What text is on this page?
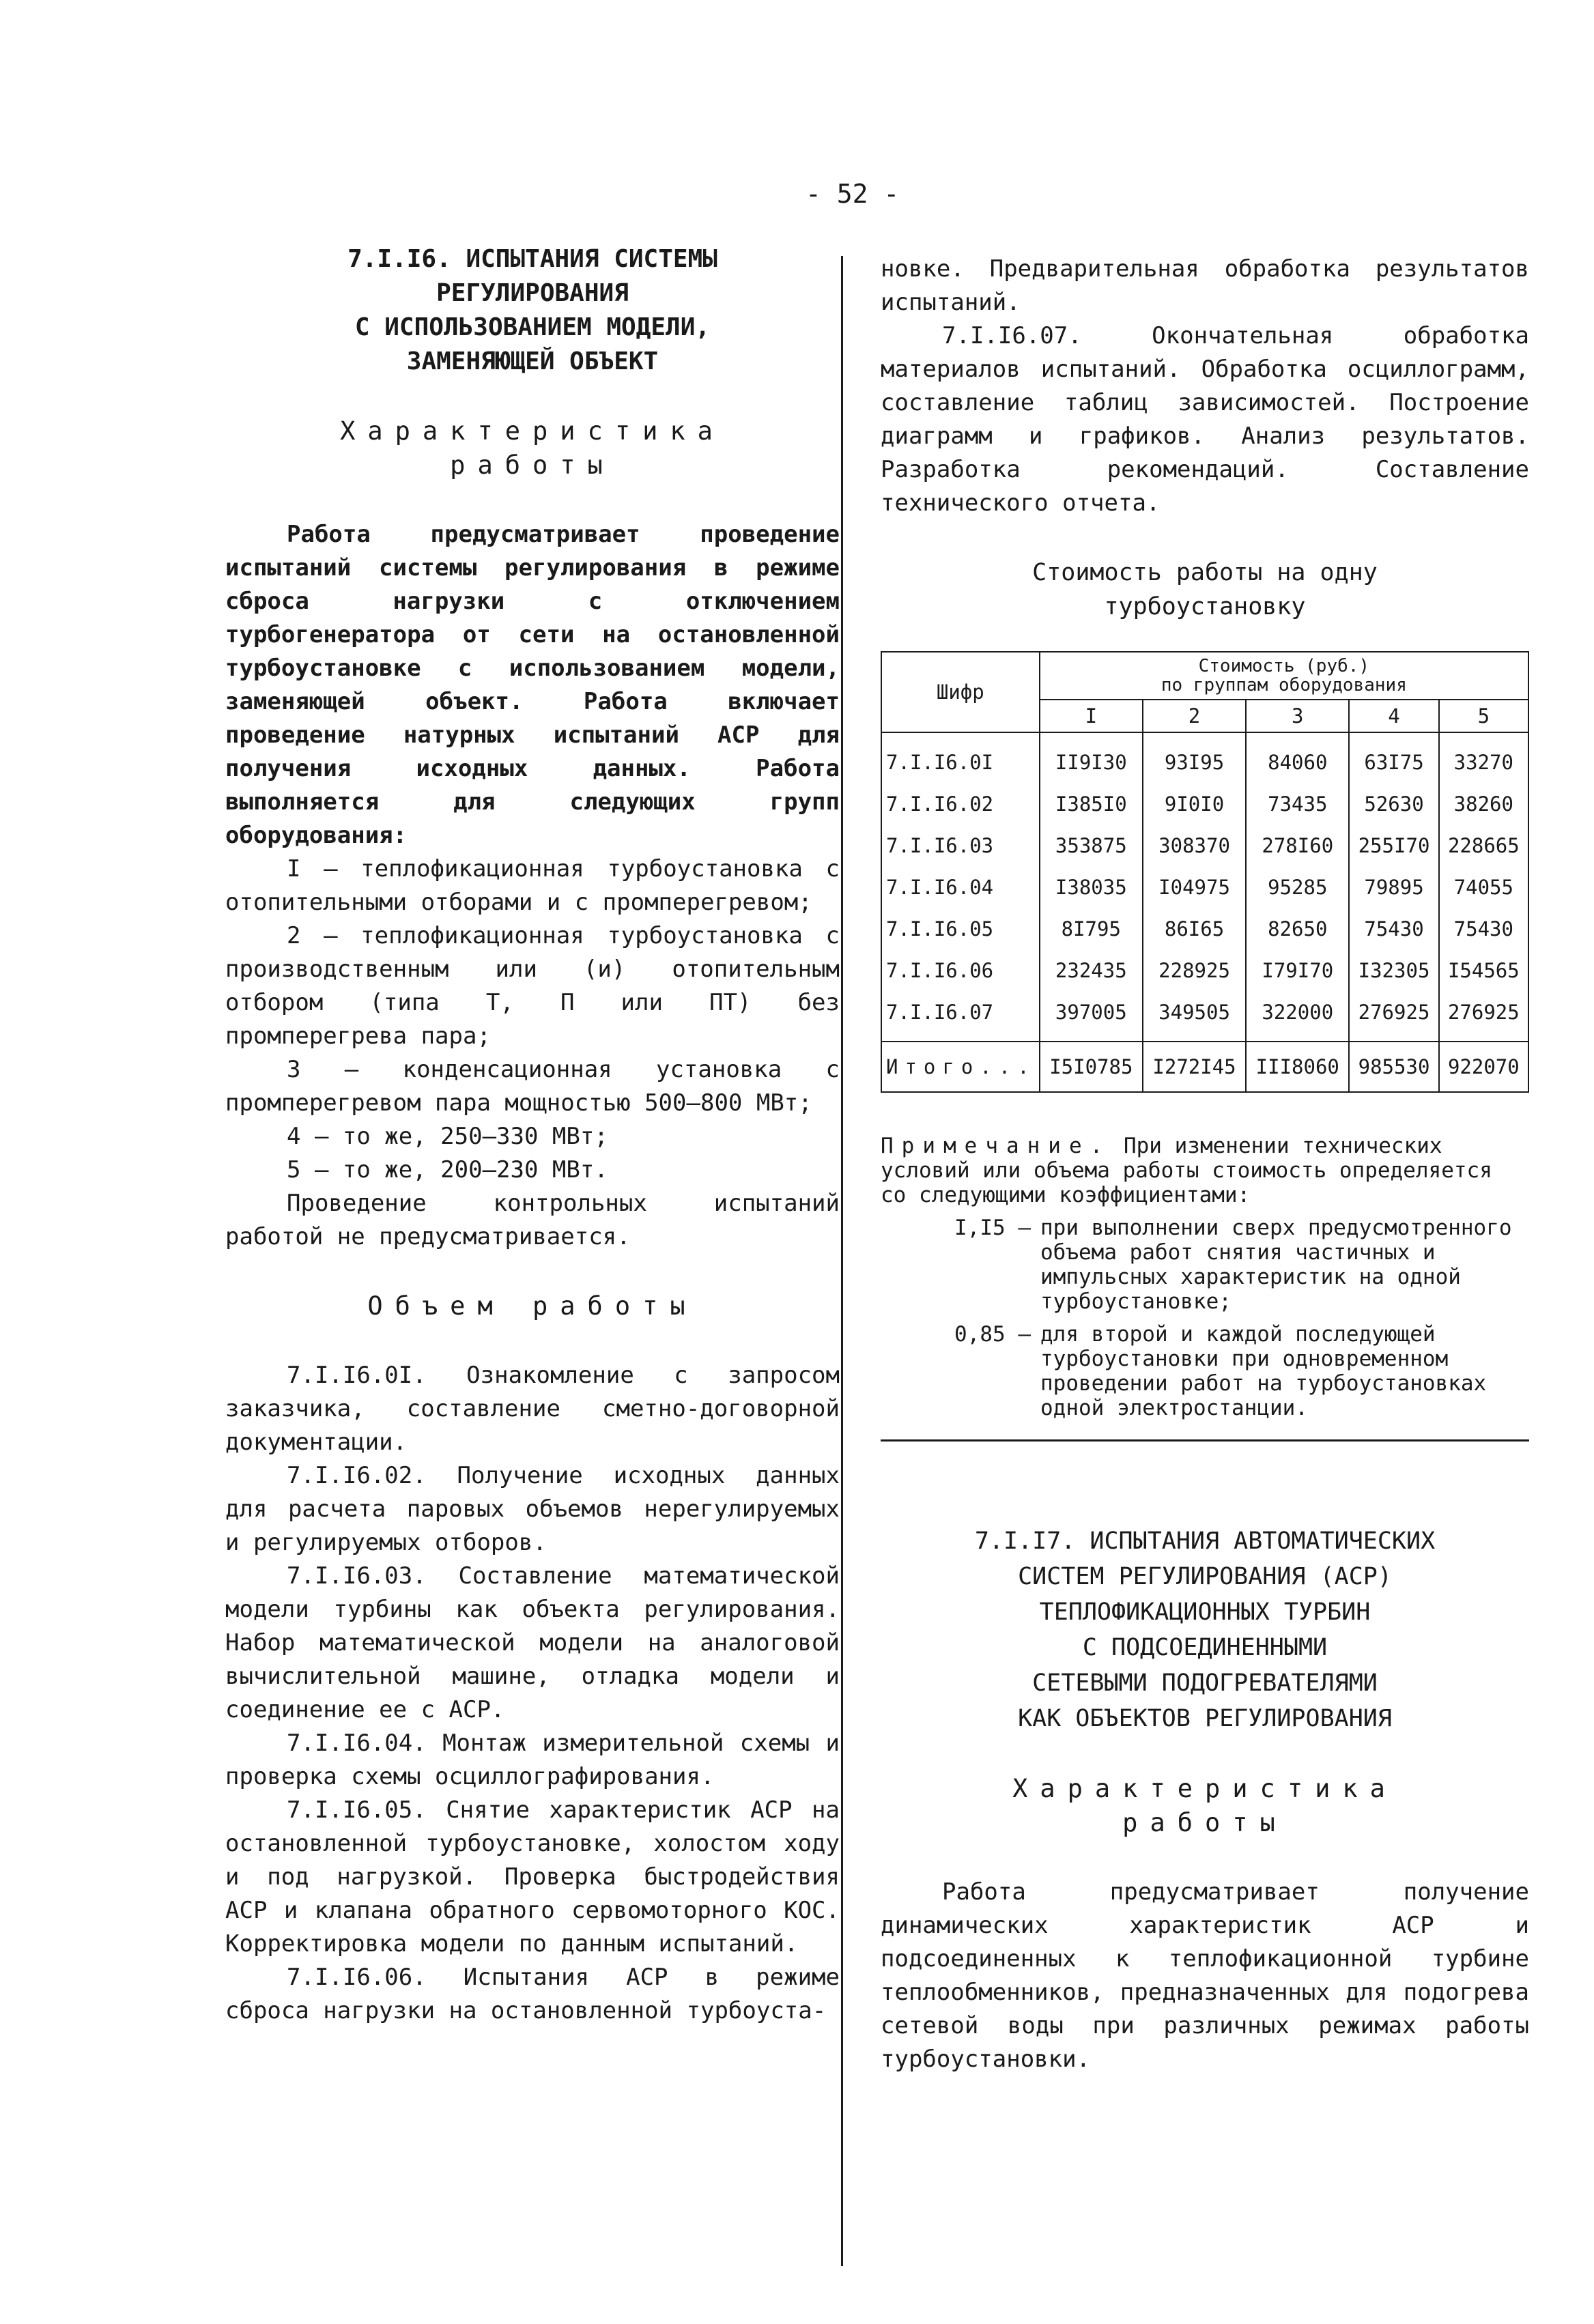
- 52 -
7.I.I6. ИСПЫТАНИЯ СИСТЕМЫ
РЕГУЛИРОВАНИЯ
С ИСПОЛЬЗОВАНИЕМ МОДЕЛИ,
ЗАМЕНЯЮЩЕЙ ОБЪЕКТ
Характеристика
работы

Работа предусматривает проведение испытаний системы регулирования в режиме сброса нагрузки с отключением турбогенератора от сети на остановленной турбоустановке с использованием модели, заменяющей объект. Работа включает проведение натурных испытаний АСР для получения исходных данных. Работа выполняется для следующих групп оборудования:

I – теплофикационная турбоустановка с отопительными отборами и с промперегревом;

2 – теплофикационная турбоустановка с производственным или (и) отопительным отбором (типа Т, П или ПТ) без промперегрева пара;

3 – конденсационная установка с промперегревом пара мощностью 500–800 МВт;

4 – то же, 250–330 МВт;

5 – то же, 200–230 МВт.

Проведение контрольных испытаний работой не предусматривается.

Объем работы

7.I.I6.0I. Ознакомление с запросом заказчика, составление сметно-договорной документации.

7.I.I6.02. Получение исходных данных для расчета паровых объемов нерегулируемых и регулируемых отборов.

7.I.I6.03. Составление математической модели турбины как объекта регулирования. Набор математической модели на аналоговой вычислительной машине, отладка модели и соединение ее с АСР.

7.I.I6.04. Монтаж измерительной схемы и проверка схемы осциллографирования.

7.I.I6.05. Снятие характеристик АСР на остановленной турбоустановке, холостом ходу и под нагрузкой. Проверка быстродействия АСР и клапана обратного сервомоторного КОС. Корректировка модели по данным испытаний.

7.I.I6.06. Испытания АСР в режиме сброса нагрузки на остановленной турбоуста-

новке. Предварительная обработка результатов испытаний.

7.I.I6.07. Окончательная обработка материалов испытаний. Обработка осциллограмм, составление таблиц зависимостей. Построение диаграмм и графиков. Анализ результатов. Разработка рекомендаций. Составление технического отчета.

Стоимость работы на одну
турбоустановку
Шифр	Стоимость (руб.)
по группам оборудования				

	I	2	3	4	5
7.I.I6.0I	II9I30	93I95	84060	63I75	33270
7.I.I6.02	I385I0	9I0I0	73435	52630	38260
7.I.I6.03	353875	308370	278I60	255I70	228665
7.I.I6.04	I38035	I04975	95285	79895	74055
7.I.I6.05	8I795	86I65	82650	75430	75430
7.I.I6.06	232435	228925	I79I70	I32305	I54565
7.I.I6.07	397005	349505	322000	276925	276925
Итого...	I5I0785	I272I45	III8060	985530	922070
Примечание. При изменении технических условий или объема работы стоимость определяется со следующими коэффициентами:
I,I5 – при выполнении сверх предусмотренного объема работ снятия частичных и импульсных характеристик на одной турбоустановке;
0,85 – для второй и каждой последующей турбоустановки при одновременном проведении работ на турбоустановках одной электростанции.
7.I.I7. ИСПЫТАНИЯ АВТОМАТИЧЕСКИХ
СИСТЕМ РЕГУЛИРОВАНИЯ (АСР)
ТЕПЛОФИКАЦИОННЫХ ТУРБИН
С ПОДСОЕДИНЕННЫМИ
СЕТЕВЫМИ ПОДОГРЕВАТЕЛЯМИ
КАК ОБЪЕКТОВ РЕГУЛИРОВАНИЯ
Характеристика
работы

Работа предусматривает получение динамических характеристик АСР и подсоединенных к теплофикационной турбине теплообменников, предназначенных для подогрева сетевой воды при различных режимах работы турбоустановки.
